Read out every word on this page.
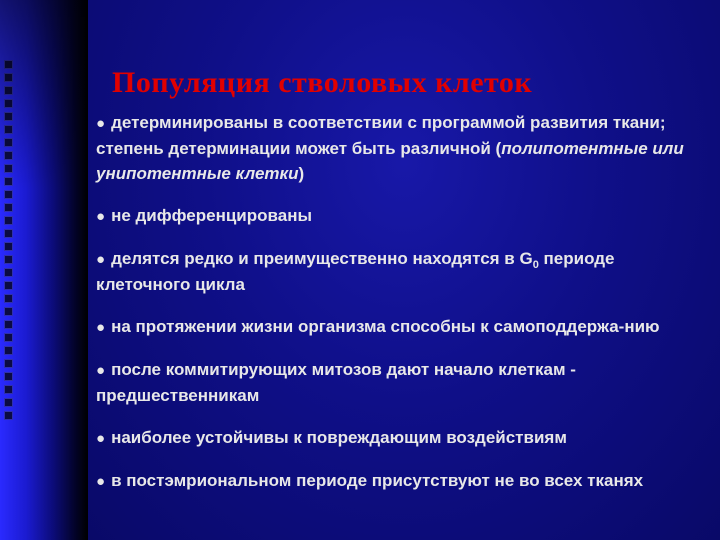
Популяция стволовых клеток
● детерминированы в соответствии с программой развития ткани; степень детерминации может быть различной (полипотентные или унипотентные клетки)
● не дифференцированы
● делятся редко и преимущественно находятся в $G_0$ периоде клеточного цикла
● на протяжении жизни организма способны к самоподдержа-нию
● после коммитирующих митозов дают начало клеткам - предшественникам
● наиболее устойчивы к повреждающим воздействиям
● в постэмриональном периоде присутствуют не во всех тканях
